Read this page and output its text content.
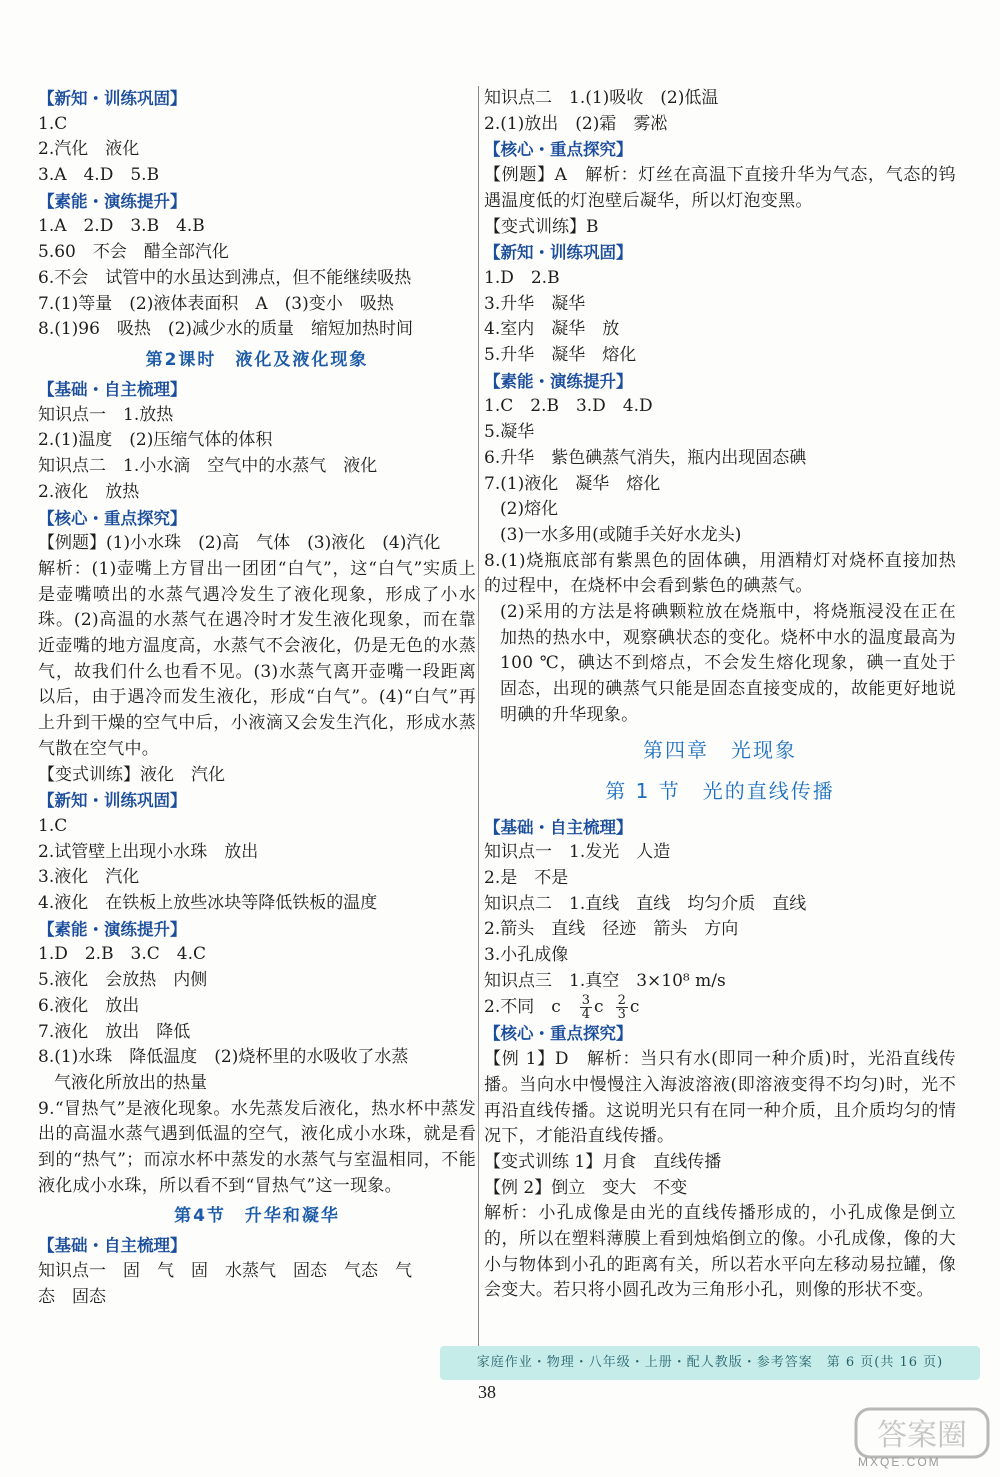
【新知・训练巩固】
1.C
2.汽化　液化
3.A　4.D　5.B
【素能・演练提升】
1.A　2.D　3.B　4.B
5.60　不会　醋全部汽化
6.不会　试管中的水虽达到沸点，但不能继续吸热
7.(1)等量　(2)液体表面积　A　(3)变小　吸热
8.(1)96　吸热　(2)减少水的质量　缩短加热时间
第2课时　液化及液化现象
【基础・自主梳理】
知识点一　1.放热
2.(1)温度　(2)压缩气体的体积
知识点二　1.小水滴　空气中的水蒸气　液化
2.液化　放热
【核心・重点探究】
【例题】(1)小水珠　(2)高　气体　(3)液化　(4)汽化
解析：(1)壶嘴上方冒出一团团“白气”，这“白气”实质上是壶嘴喷出的水蒸气遇冷发生了液化现象，形成了小水珠。(2)高温的水蒸气在遇冷时才发生液化现象，而在靠近壶嘴的地方温度高，水蒸气不会液化，仍是无色的水蒸气，故我们什么也看不见。(3)水蒸气离开壶嘴一段距离以后，由于遇冷而发生液化，形成“白气”。(4)“白气”再上升到干燥的空气中后，小液滴又会发生汽化，形成水蒸气散在空气中。
【变式训练】液化　汽化
【新知・训练巩固】
1.C
2.试管壁上出现小水珠　放出
3.液化　汽化
4.液化　在铁板上放些冰块等降低铁板的温度
【素能・演练提升】
1.D　2.B　3.C　4.C
5.液化　会放热　内侧
6.液化　放出
7.液化　放出　降低
8.(1)水珠　降低温度　(2)烧杯里的水吸收了水蒸
气液化所放出的热量
9.“冒热气”是液化现象。水先蒸发后液化，热水杯中蒸发出的高温水蒸气遇到低温的空气，液化成小水珠，就是看到的“热气”；而凉水杯中蒸发的水蒸气与室温相同，不能液化成小水珠，所以看不到“冒热气”这一现象。
第4节　升华和凝华
【基础・自主梳理】
知识点一　固　气　固　水蒸气　固态　气态　气
态　固态
知识点二　1.(1)吸收　(2)低温
2.(1)放出　(2)霜　雾凇
【核心・重点探究】
【例题】A　解析：灯丝在高温下直接升华为气态，气态的钨遇温度低的灯泡壁后凝华，所以灯泡变黑。
【变式训练】B
【新知・训练巩固】
1.D　2.B
3.升华　凝华
4.室内　凝华　放
5.升华　凝华　熔化
【素能・演练提升】
1.C　2.B　3.D　4.D
5.凝华
6.升华　紫色碘蒸气消失，瓶内出现固态碘
7.(1)液化　凝华　熔化
(2)熔化
(3)一水多用(或随手关好水龙头)
8.(1)烧瓶底部有紫黑色的固体碘，用酒精灯对烧杯直接加热的过程中，在烧杯中会看到紫色的碘蒸气。
(2)采用的方法是将碘颗粒放在烧瓶中，将烧瓶浸没在正在加热的热水中，观察碘状态的变化。烧杯中水的温度最高为 100 ℃，碘达不到熔点，不会发生熔化现象，碘一直处于固态，出现的碘蒸气只能是固态直接变成的，故能更好地说明碘的升华现象。
第四章　光现象
第 1 节　光的直线传播
【基础・自主梳理】
知识点一　1.发光　人造
2.是　不是
知识点二　1.直线　直线　均匀介质　直线
2.箭头　直线　径迹　箭头　方向
3.小孔成像
知识点三　1.真空　3×10⁸ m/s
2.不同　c　 $\frac{3}{4}$ c $\frac{2}{3}$ c
【核心・重点探究】
【例 1】D　解析：当只有水(即同一种介质)时，光沿直线传播。当向水中慢慢注入海波溶液(即溶液变得不均匀)时，光不再沿直线传播。这说明光只有在同一种介质，且介质均匀的情况下，才能沿直线传播。
【变式训练 1】月食　直线传播
【例 2】倒立　变大　不变
解析：小孔成像是由光的直线传播形成的，小孔成像是倒立的，所以在塑料薄膜上看到烛焰倒立的像。小孔成像，像的大小与物体到小孔的距离有关，所以若水平向左移动易拉罐，像会变大。若只将小圆孔改为三角形小孔，则像的形状不变。
家庭作业・物理・八年级・上册・配人教版・参考答案　第 6 页(共 16 页)
38
答案圈
MXQE.COM
